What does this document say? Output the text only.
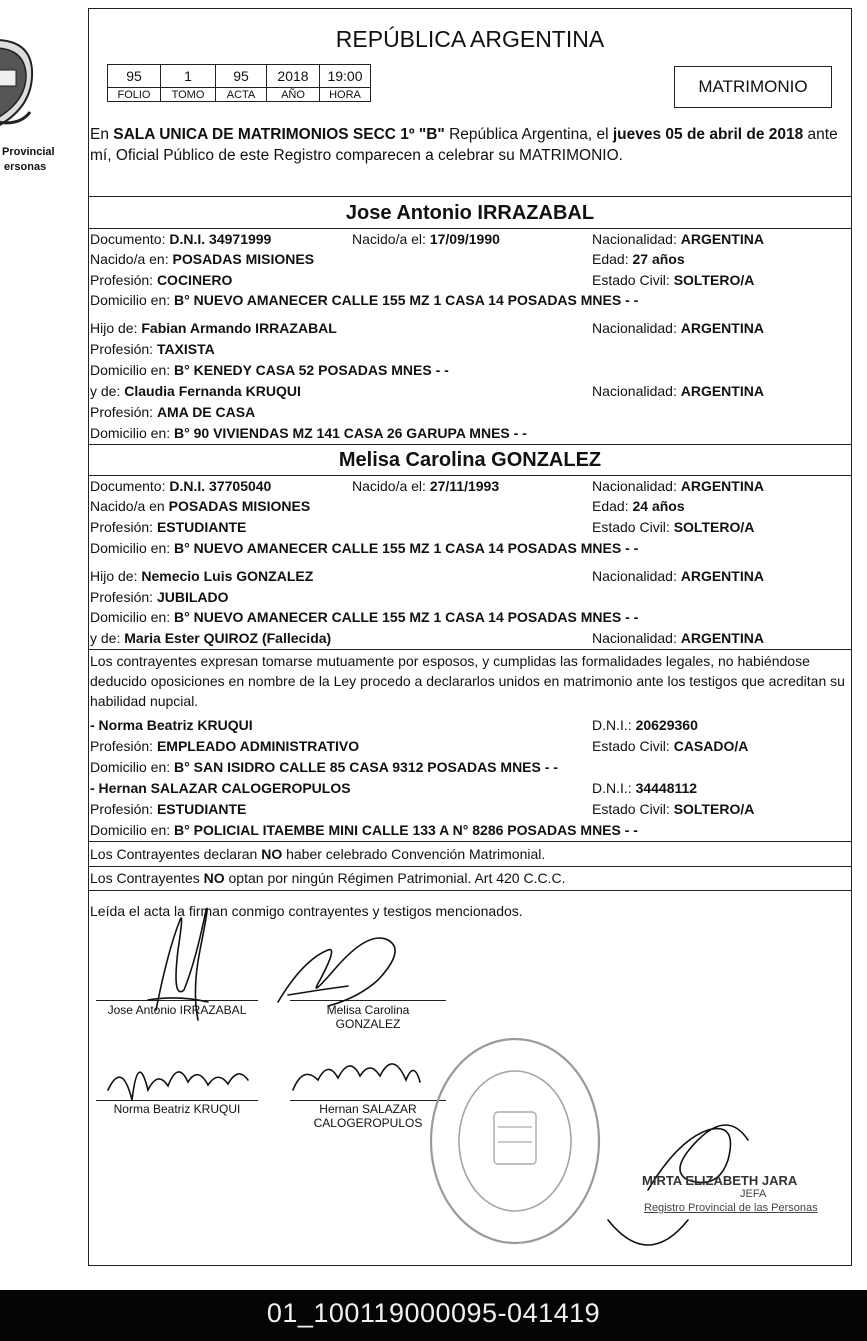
Provincial
ersonas
REPÚBLICA ARGENTINA
95	1	95	2018	19:00
FOLIO	TOMO	ACTA	AÑO	HORA	MATRIMONIO
En SALA UNICA DE MATRIMONIOS SECC 1º "B" República Argentina, el jueves 05 de abril de 2018 ante mí, Oficial Público de este Registro comparecen a celebrar su MATRIMONIO.
Jose Antonio IRRAZABAL
Documento: D.N.I. 34971999	Nacido/a el: 17/09/1990	Nacionalidad: ARGENTINA
Nacido/a en: POSADAS MISIONES	Edad: 27 años
Profesión: COCINERO	Estado Civil: SOLTERO/A
Domicilio en: B° NUEVO AMANECER CALLE 155 MZ 1 CASA 14 POSADAS MNES - -
Hijo de: Fabian Armando IRRAZABAL	Nacionalidad: ARGENTINA
Profesión: TAXISTA
Domicilio en: B° KENEDY CASA 52 POSADAS MNES - -
y de: Claudia Fernanda KRUQUI	Nacionalidad: ARGENTINA
Profesión: AMA DE CASA
Domicilio en: B° 90 VIVIENDAS MZ 141 CASA 26 GARUPA MNES - -
Melisa Carolina GONZALEZ
Documento: D.N.I. 37705040	Nacido/a el: 27/11/1993	Nacionalidad: ARGENTINA
Nacido/a en POSADAS MISIONES	Edad: 24 años
Profesión: ESTUDIANTE	Estado Civil: SOLTERO/A
Domicilio en: B° NUEVO AMANECER CALLE 155 MZ 1 CASA 14 POSADAS MNES - -
Hijo de: Nemecio Luis GONZALEZ	Nacionalidad: ARGENTINA
Profesión: JUBILADO
Domicilio en: B° NUEVO AMANECER CALLE 155 MZ 1 CASA 14 POSADAS MNES - -
y de: Maria Ester QUIROZ (Fallecida)	Nacionalidad: ARGENTINA
Los contrayentes expresan tomarse mutuamente por esposos, y cumplidas las formalidades legales, no habiéndose deducido oposiciones en nombre de la Ley procedo a declararlos unidos en matrimonio ante los testigos que acreditan su habilidad nupcial.
- Norma Beatriz KRUQUI	D.N.I.: 20629360
Profesión: EMPLEADO ADMINISTRATIVO	Estado Civil: CASADO/A
Domicilio en: B° SAN ISIDRO CALLE 85 CASA 9312 POSADAS MNES - -
- Hernan SALAZAR CALOGEROPULOS	D.N.I.: 34448112
Profesión: ESTUDIANTE	Estado Civil: SOLTERO/A
Domicilio en: B° POLICIAL ITAEMBE MINI CALLE 133 A N° 8286 POSADAS MNES - -
Los Contrayentes declaran NO haber celebrado Convención Matrimonial.
Los Contrayentes NO optan por ningún Régimen Patrimonial. Art 420 C.C.C.
Leída el acta la firman conmigo contrayentes y testigos mencionados.
Jose Antonio IRRAZABAL	Melisa Carolina
GONZALEZ
Norma Beatriz KRUQUI	Hernan SALAZAR
CALOGEROPULOS
MIRTA ELIZABETH JARA
JEFA
Registro Provincial de las Personas
01_100119000095-041419
